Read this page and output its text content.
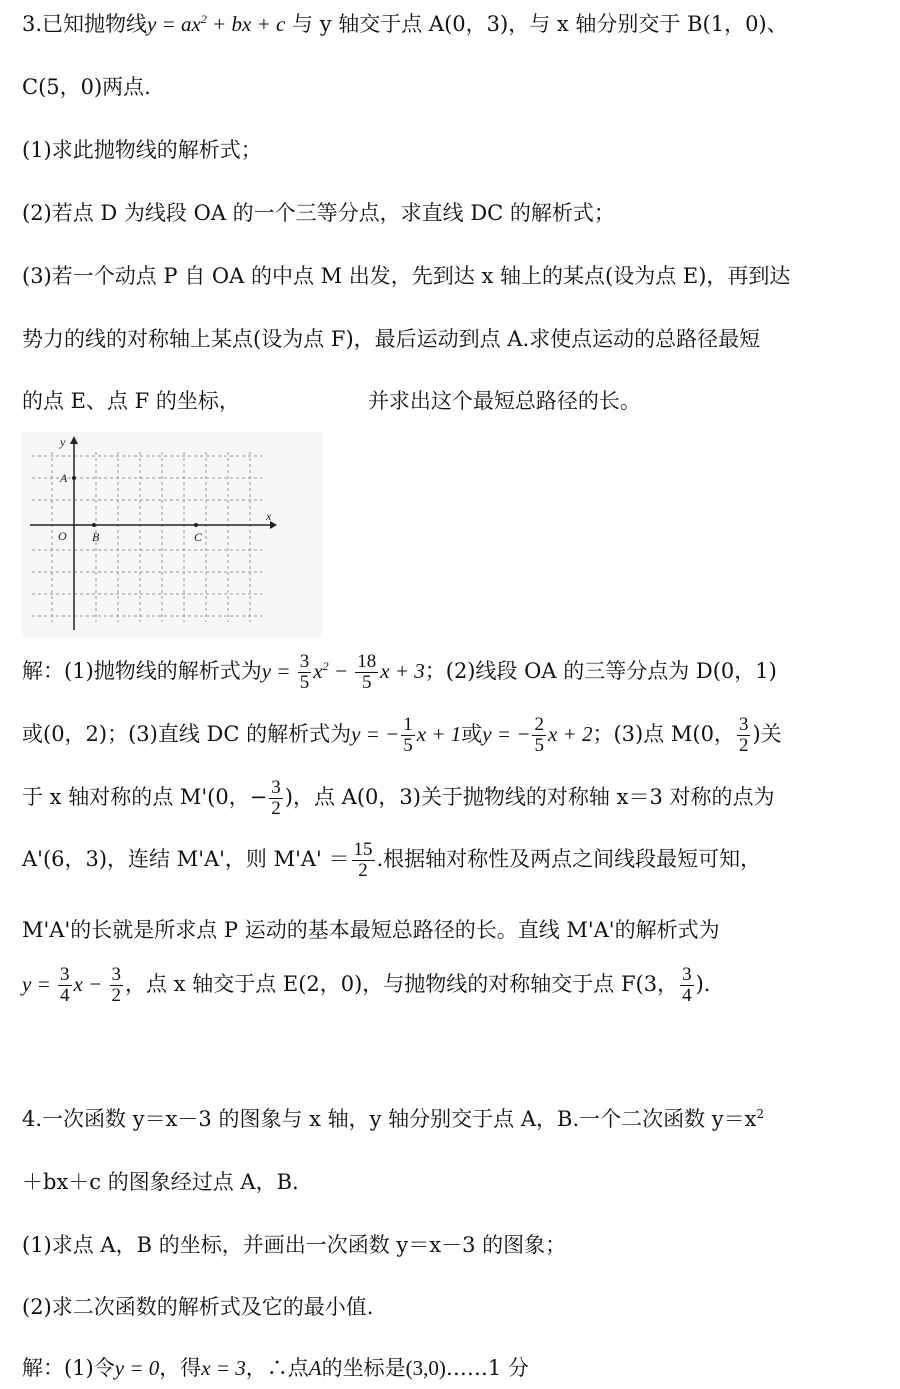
3.已知抛物线$y = ax^2$ + bx + c 与 y 轴交于点 A(0，3)，与 x 轴分别交于 B(1，0)、
C(5，0)两点.
(1)求此抛物线的解析式；
(2)若点 D 为线段 OA 的一个三等分点，求直线 DC 的解析式；
(3)若一个动点 P 自 OA 的中点 M 出发，先到达 x 轴上的某点(设为点 E)，再到达
势力的线的对称轴上某点(设为点 F)，最后运动到点 A.求使点运动的总路径最短
的点 E、点 F 的坐标，	并求出这个最短总路径的长。
y
x
O
A
B	C
解：(1)抛物线的解析式为$y = \frac{3}{5} x^2 - \frac{18}{5}$ x + 3；(2)线段 OA 的三等分点为 D(0，1)
或(0，2)；(3)直线 DC 的解析式为y = − $\frac{1}{5}$ x + 1或y = − $\frac{2}{5}$ x + 2；(3)点 M(0， $\frac{3}{2}$ )关
于 x 轴对称的点 M'(0，− $\frac{3}{2}$ )，点 A(0，3)关于抛物线的对称轴 x＝3 对称的点为
A'(6，3)，连结 M'A'，则 $M'A' = \frac{15}{2}$ .根据轴对称性及两点之间线段最短可知，
M'A'的长就是所求点 P 运动的基本最短总路径的长。直线 M'A'的解析式为
$y = \frac{3}{4}$ $x - \frac{3}{2}$ ，点 x 轴交于点 E(2，0)，与抛物线的对称轴交于点 F(3， $\frac{3}{4}$ ).
4.一次函数 y＝x－3 的图象与 x 轴，y 轴分别交于点 A，B.一个二次函数 $y=x^2$
＋bx＋c 的图象经过点 A，B.
(1)求点 A，B 的坐标，并画出一次函数 y＝x－3 的图象；
(2)求二次函数的解析式及它的最小值.
解：(1)令y = 0，得x = 3，∴点A的坐标是(3,0)……1 分
